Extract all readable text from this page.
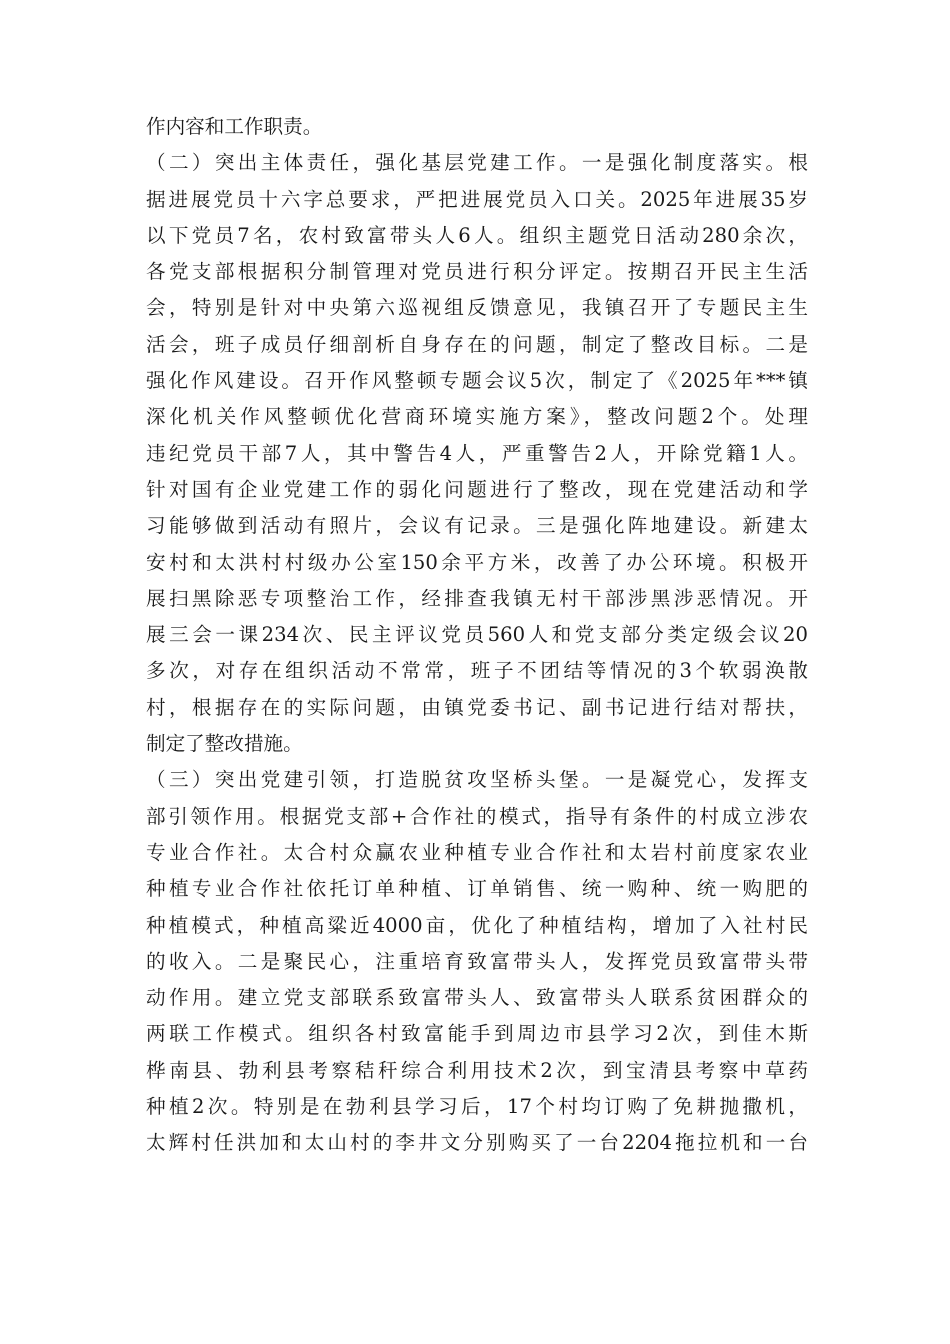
作内容和工作职责。
（二）突出主体责任，强化基层党建工作。一是强化制度落实。根
据进展党员十六字总要求，严把进展党员入口关。2025年进展35岁
以下党员7名，农村致富带头人6人。组织主题党日活动280余次，
各党支部根据积分制管理对党员进行积分评定。按期召开民主生活
会，特别是针对中央第六巡视组反馈意见，我镇召开了专题民主生
活会，班子成员仔细剖析自身存在的问题，制定了整改目标。二是
强化作风建设。召开作风整顿专题会议5次，制定了《2025年***镇
深化机关作风整顿优化营商环境实施方案》，整改问题2个。处理
违纪党员干部7人，其中警告4人，严重警告2人，开除党籍1人。
针对国有企业党建工作的弱化问题进行了整改，现在党建活动和学
习能够做到活动有照片，会议有记录。三是强化阵地建设。新建太
安村和太洪村村级办公室150余平方米，改善了办公环境。积极开
展扫黑除恶专项整治工作，经排查我镇无村干部涉黑涉恶情况。开
展三会一课234次、民主评议党员560人和党支部分类定级会议20
多次，对存在组织活动不常常，班子不团结等情况的3个软弱涣散
村，根据存在的实际问题，由镇党委书记、副书记进行结对帮扶，
制定了整改措施。
（三）突出党建引领，打造脱贫攻坚桥头堡。一是凝党心，发挥支
部引领作用。根据党支部+合作社的模式，指导有条件的村成立涉农
专业合作社。太合村众赢农业种植专业合作社和太岩村前度家农业
种植专业合作社依托订单种植、订单销售、统一购种、统一购肥的
种植模式，种植高粱近4000亩，优化了种植结构，增加了入社村民
的收入。二是聚民心，注重培育致富带头人，发挥党员致富带头带
动作用。建立党支部联系致富带头人、致富带头人联系贫困群众的
两联工作模式。组织各村致富能手到周边市县学习2次，到佳木斯
桦南县、勃利县考察秸秆综合利用技术2次，到宝清县考察中草药
种植2次。特别是在勃利县学习后，17个村均订购了免耕抛撒机，
太辉村任洪加和太山村的李井文分别购买了一台2204拖拉机和一台
